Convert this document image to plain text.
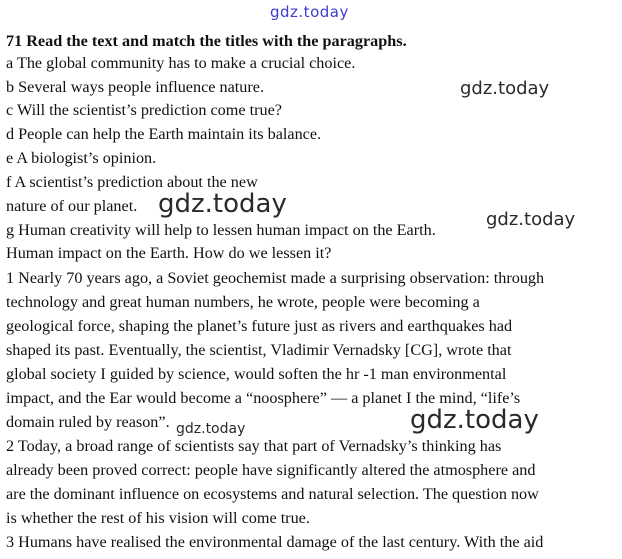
71 Read the text and match the titles with the paragraphs.
a The global community has to make a crucial choice.
b Several ways people influence nature.
c Will the scientist’s prediction come true?
d People can help the Earth maintain its balance.
e A biologist’s opinion.
f A scientist’s prediction about the new
nature of our planet.
g Human creativity will help to lessen human impact on the Earth.
Human impact on the Earth. How do we lessen it?
1 Nearly 70 years ago, a Soviet geochemist made a surprising observation: through
technology and great human numbers, he wrote, people were becoming a
geological force, shaping the planet’s future just as rivers and earthquakes had
shaped its past. Eventually, the scientist, Vladimir Vernadsky [CG], wrote that
global society I guided by science, would soften the hr -1 man environmental
impact, and the Ear would become a “noosphere” — a planet I the mind, “life’s
domain ruled by reason”.
2 Today, a broad range of scientists say that part of Vernadsky’s thinking has
already been proved correct: people have significantly altered the atmosphere and
are the dominant influence on ecosystems and natural selection. The question now
is whether the rest of his vision will come true.
3 Humans have realised the environmental damage of the last century. With the aid
gdz.today
gdz.today
gdz.today
gdz.today
gdz.today	gdz.today
